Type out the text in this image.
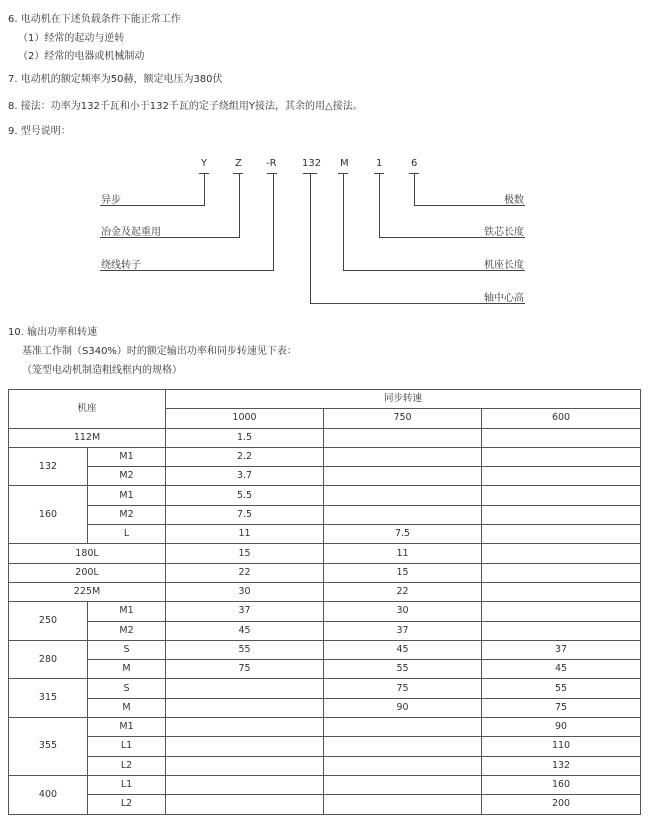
6. 电动机在下述负载条件下能正常工作
（1）经常的起动与逆转
（2）经常的电器或机械制动
7. 电动机的额定频率为50赫，额定电压为380伏
8. 接法：功率为132千瓦和小于132千瓦的定子绕组用Y接法，其余的用△接法。
9. 型号说明：
Y	Z -R	132 M	1	6
异步
冶金及起重用
绕线转子
极数
铁芯长度
机座长度
轴中心高
10. 输出功率和转速
基准工作制（S340%）时的额定输出功率和同步转速见下表：
（笼型电动机制造粗线框内的规格）
机座		同步转速		
		1000	750	600
112M		1.5		
132	M1	2.2		
	M2	3.7		
160	M1	5.5		
	M2	7.5		
	L	11	7.5	
180L		15	11	
200L		22	15	
225M		30	22	
250	M1	37	30	
	M2	45	37	
280	S	55	45	37
	M	75	55	45
315	S		75	55
	M		90	75
355	M1			90
	L1			110
	L2			132
400	L1			160
	L2			200
